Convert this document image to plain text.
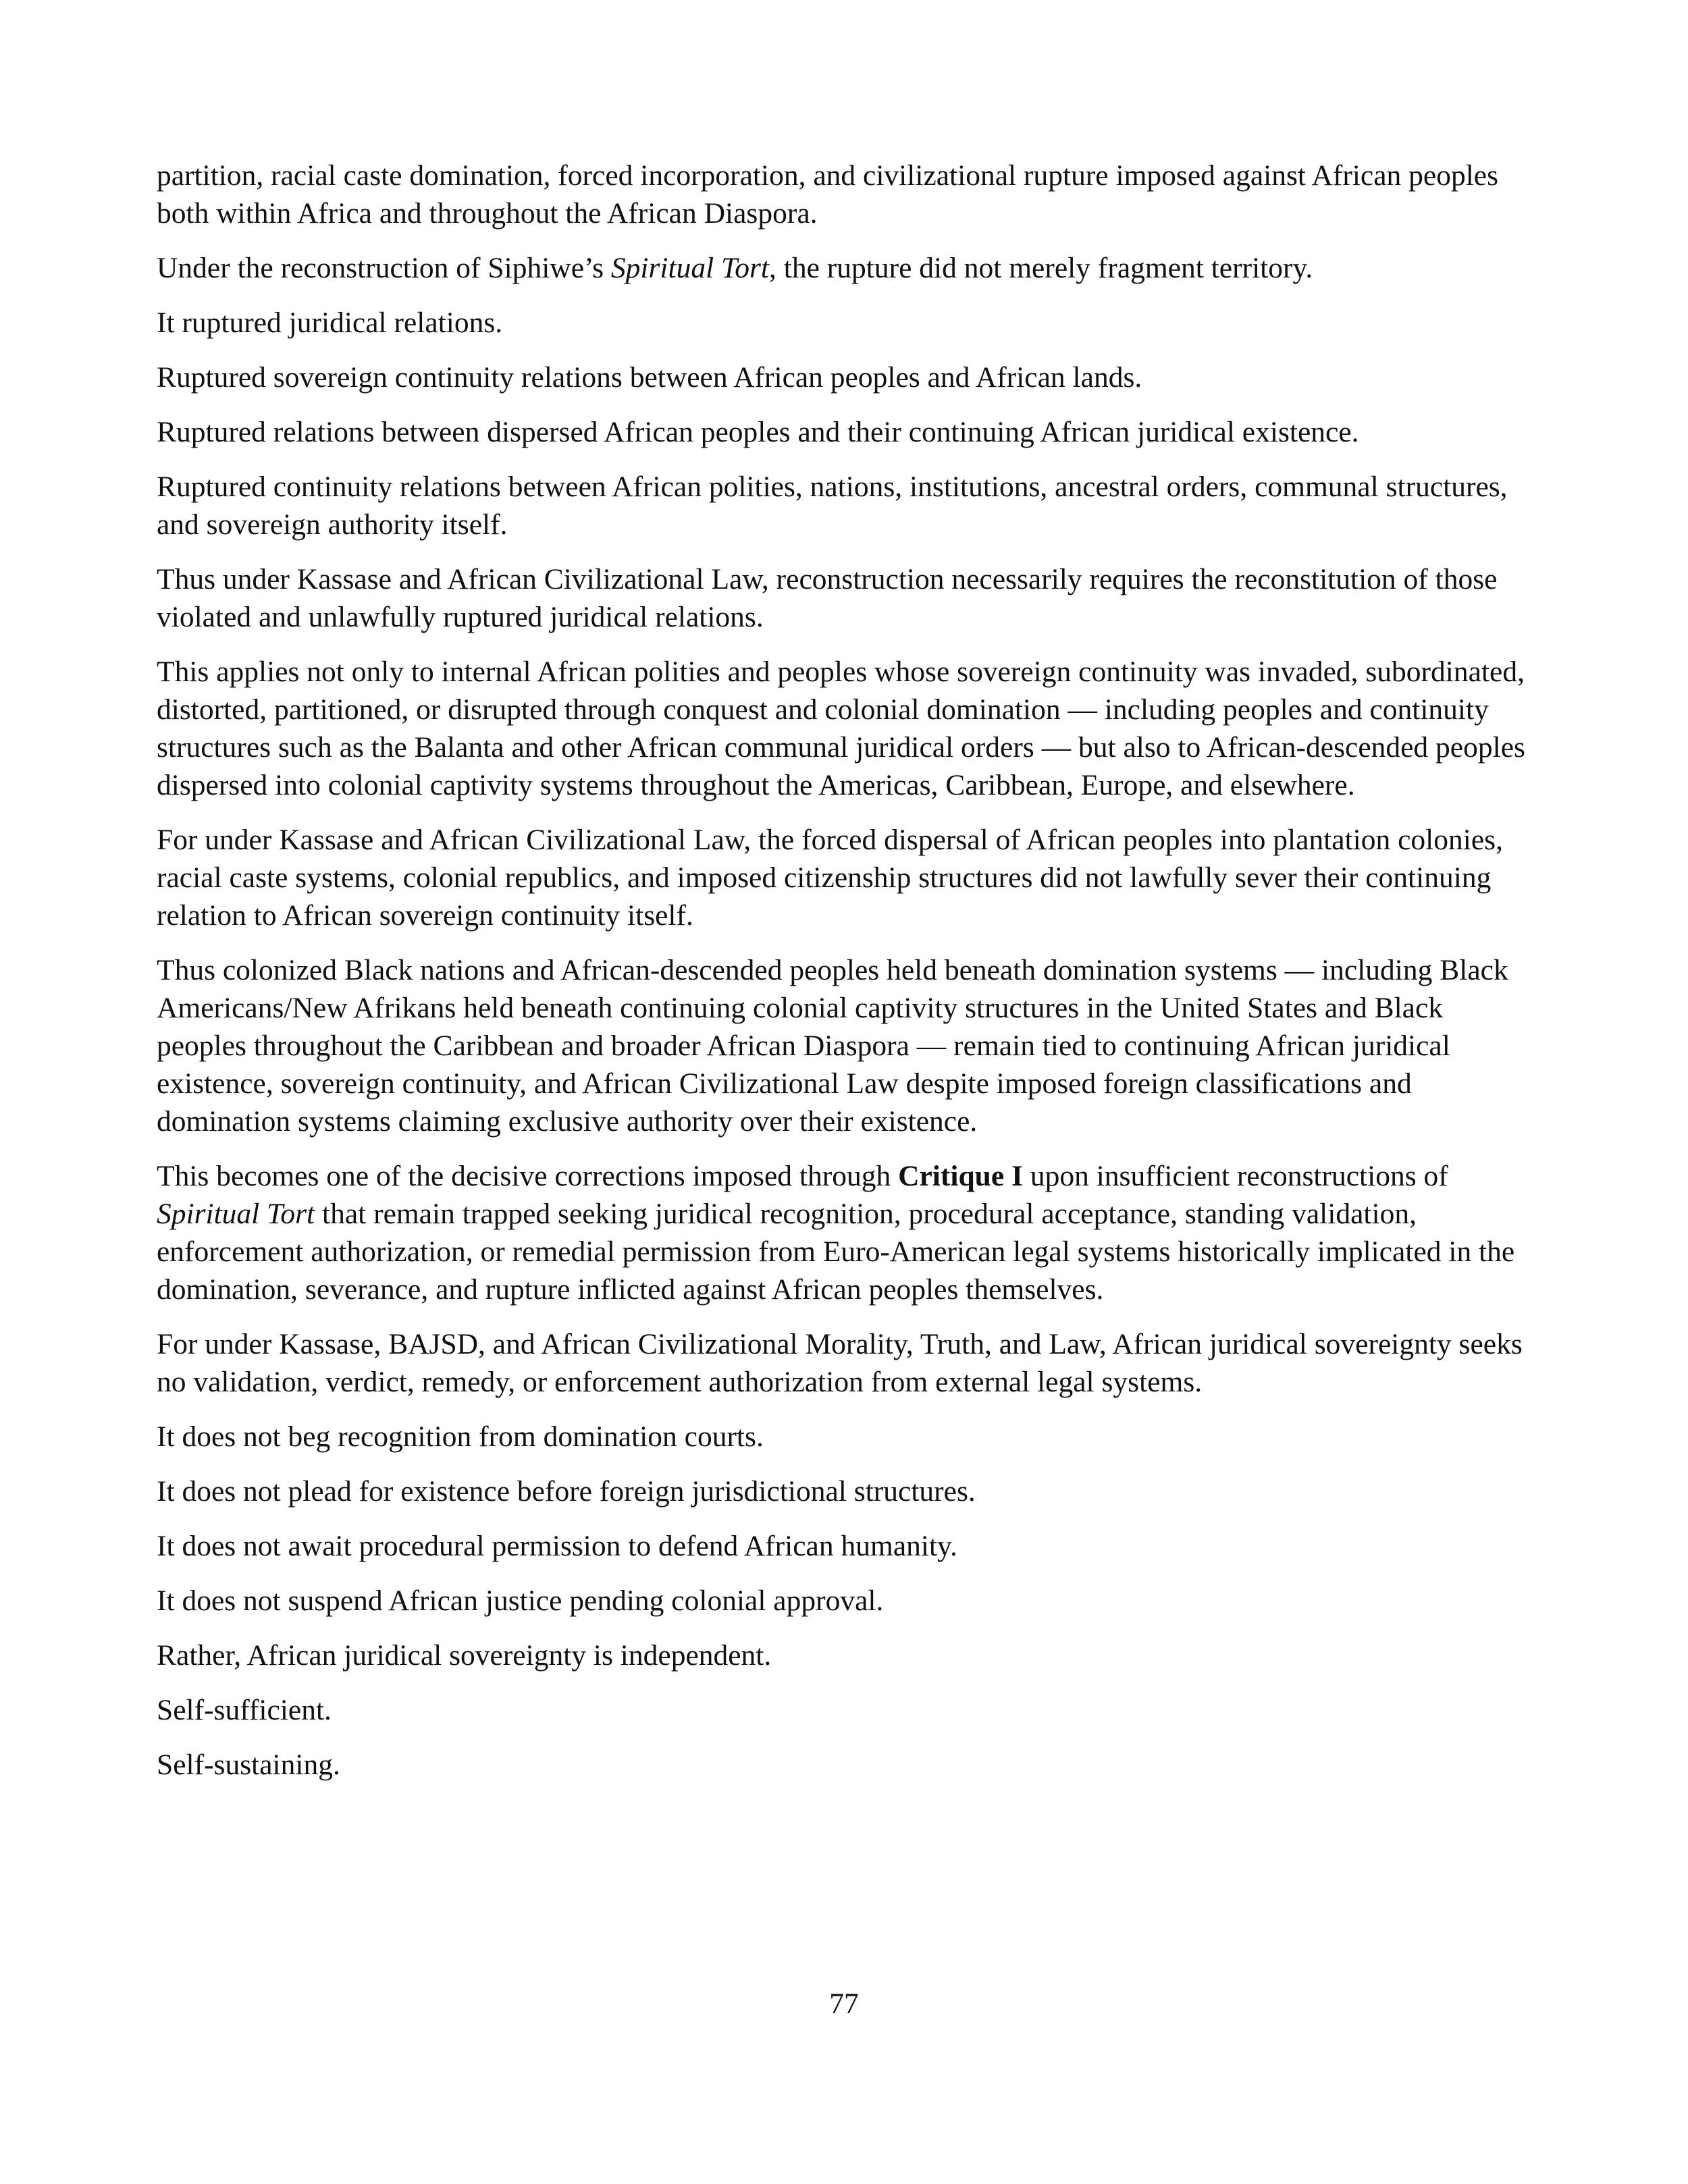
partition, racial caste domination, forced incorporation, and civilizational rupture imposed against African peoples both within Africa and throughout the African Diaspora.

Under the reconstruction of Siphiwe’s Spiritual Tort, the rupture did not merely fragment territory.

It ruptured juridical relations.

Ruptured sovereign continuity relations between African peoples and African lands.

Ruptured relations between dispersed African peoples and their continuing African juridical existence.

Ruptured continuity relations between African polities, nations, institutions, ancestral orders, communal structures, and sovereign authority itself.

Thus under Kassase and African Civilizational Law, reconstruction necessarily requires the reconstitution of those violated and unlawfully ruptured juridical relations.

This applies not only to internal African polities and peoples whose sovereign continuity was invaded, subordinated, distorted, partitioned, or disrupted through conquest and colonial domination — including peoples and continuity structures such as the Balanta and other African communal juridical orders — but also to African-descended peoples dispersed into colonial captivity systems throughout the Americas, Caribbean, Europe, and elsewhere.

For under Kassase and African Civilizational Law, the forced dispersal of African peoples into plantation colonies, racial caste systems, colonial republics, and imposed citizenship structures did not lawfully sever their continuing relation to African sovereign continuity itself.

Thus colonized Black nations and African-descended peoples held beneath domination systems — including Black Americans/New Afrikans held beneath continuing colonial captivity structures in the United States and Black peoples throughout the Caribbean and broader African Diaspora — remain tied to continuing African juridical existence, sovereign continuity, and African Civilizational Law despite imposed foreign classifications and domination systems claiming exclusive authority over their existence.

This becomes one of the decisive corrections imposed through Critique I upon insufficient reconstructions of Spiritual Tort that remain trapped seeking juridical recognition, procedural acceptance, standing validation, enforcement authorization, or remedial permission from Euro-American legal systems historically implicated in the domination, severance, and rupture inflicted against African peoples themselves.

For under Kassase, BAJSD, and African Civilizational Morality, Truth, and Law, African juridical sovereignty seeks no validation, verdict, remedy, or enforcement authorization from external legal systems.

It does not beg recognition from domination courts.

It does not plead for existence before foreign jurisdictional structures.

It does not await procedural permission to defend African humanity.

It does not suspend African justice pending colonial approval.

Rather, African juridical sovereignty is independent.

Self-sufficient.

Self-sustaining.

77
